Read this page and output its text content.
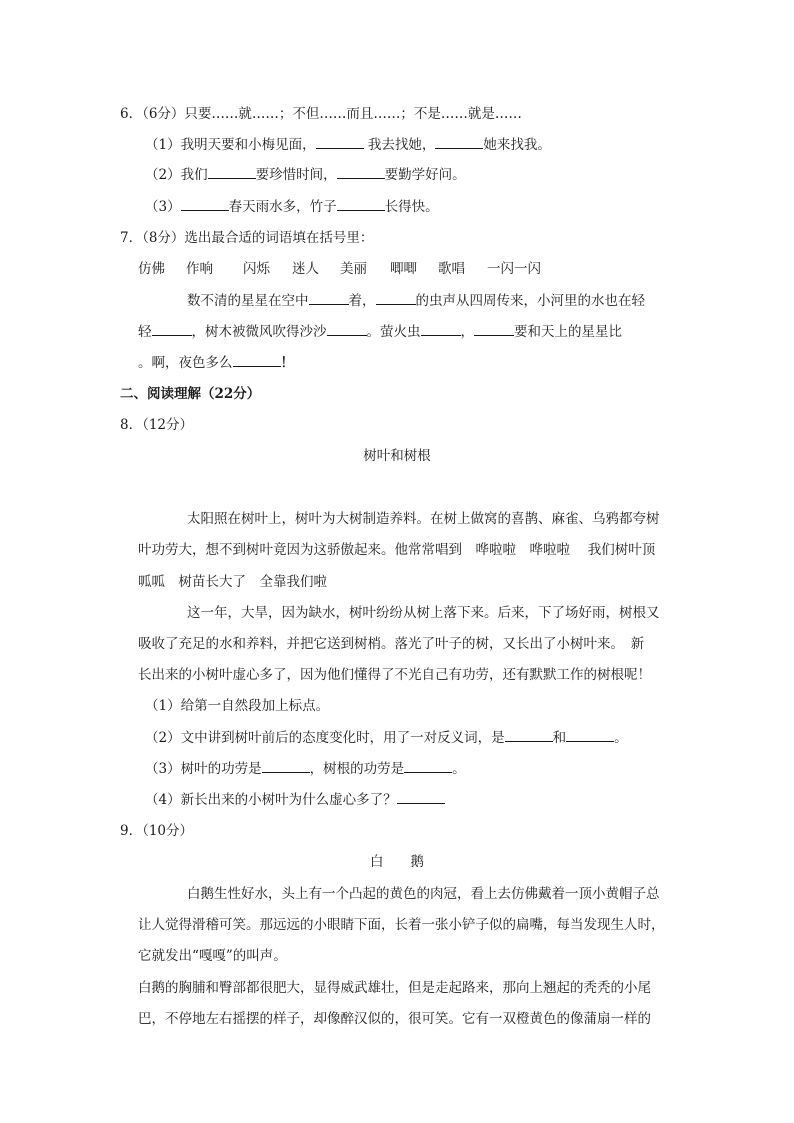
6．（6分）只要……就……；不但……而且……；不是……就是……
（1）我明天要和小梅见面，	我去找她，	她来找我。
（2）我们	要珍惜时间，	要勤学好问。
（3）	春天雨水多，竹子	长得快。
7．（8分）选出最合适的词语填在括号里：
仿佛 作响 闪烁 迷人 美丽 唧唧 歌唱 一闪一闪
数不清的星星在空中	着，	的虫声从四周传来，小河里的水也在轻
轻	，树木被微风吹得沙沙	。萤火虫	，	要和天上的星星比
。啊，夜色多么	！
二、阅读理解（22分）
8．（12分）
树叶和树根
太阳照在树叶上，树叶为大树制造养料。在树上做窝的喜鹊、麻雀、乌鸦都夸树
叶功劳大，想不到树叶竟因为这骄傲起来。他常常唱到　哗啦啦　哗啦啦　 我们树叶顶
呱呱　树苗长大了　全靠我们啦
这一年，大旱，因为缺水，树叶纷纷从树上落下来。后来，下了场好雨，树根又
吸收了充足的水和养料，并把它送到树梢。落光了叶子的树，又长出了小树叶来。　新
长出来的小树叶虚心多了，因为他们懂得了不光自己有功劳，还有默默工作的树根呢！
（1）给第一自然段加上标点。
（2）文中讲到树叶前后的态度变化时，用了一对反义词，是	和	。
（3）树叶的功劳是	，树根的功劳是	。
（4）新长出来的小树叶为什么虚心多了？
9．（10分）
白　　鹅
白鹅生性好水，头上有一个凸起的黄色的肉冠，看上去仿佛戴着一顶小黄帽子总
让人觉得滑稽可笑。那远远的小眼睛下面，长着一张小铲子似的扁嘴，每当发现生人时，
它就发出“嘎嘎”的叫声。
白鹅的胸脯和臀部都很肥大，显得威武雄壮，但是走起路来，那向上翘起的秃秃的小尾
巴，不停地左右摇摆的样子，却像醉汉似的，很可笑。它有一双橙黄色的像蒲扇一样的
